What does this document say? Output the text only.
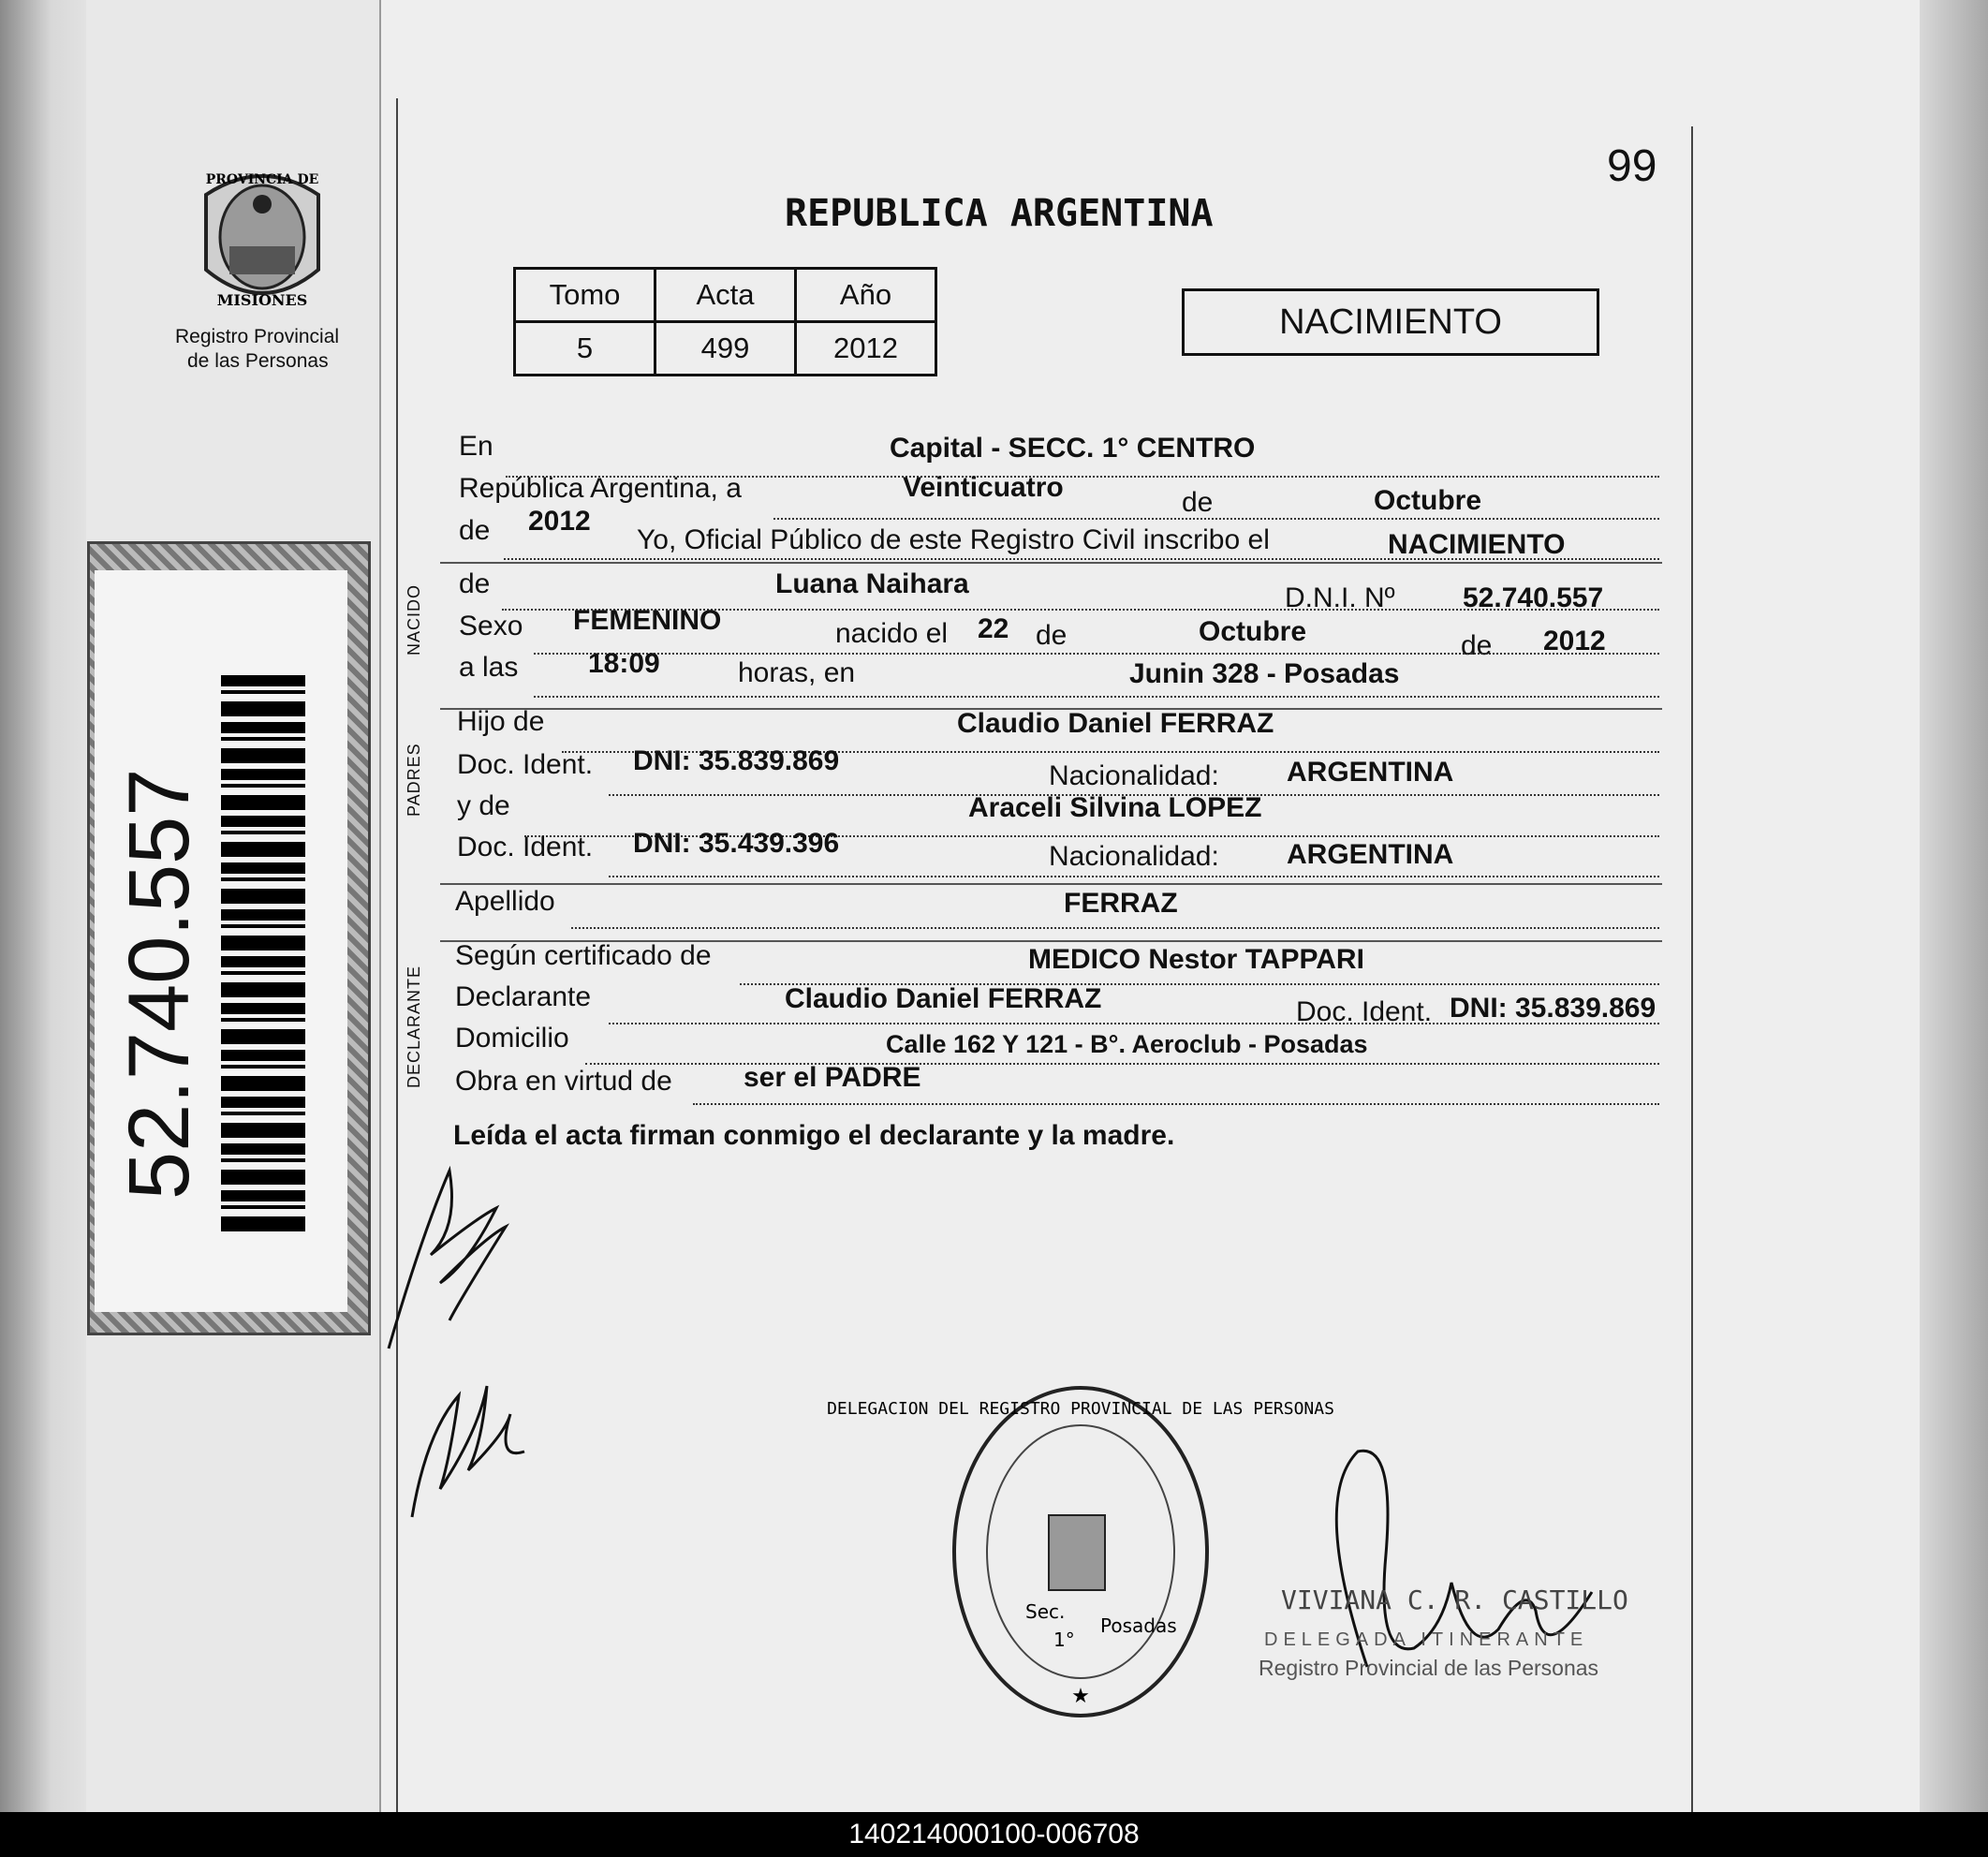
PROVINCIA DE
MISIONES
Registro Provincial
de las Personas
52.740.557
99
REPUBLICA ARGENTINA
Tomo	Acta	Año
5	499	2012
NACIMIENTO
NACIDO
PADRES
DECLARANTE
En	Capital - SECC. 1° CENTRO
República Argentina, a	Veinticuatro	de	Octubre
de 2012
Yo, Oficial Público de este Registro Civil inscribo el	NACIMIENTO
de	Luana Naihara	D.N.I. Nº 52.740.557
Sexo FEMENINO	nacido el 22 de	Octubre	de 2012
a las 18:09	horas, en	Junin 328 - Posadas
Hijo de	Claudio Daniel FERRAZ
Doc. Ident. DNI: 35.839.869	Nacionalidad: ARGENTINA
y de	Araceli Silvina LOPEZ
Doc. Ident. DNI: 35.439.396	Nacionalidad: ARGENTINA
Apellido	FERRAZ
Según certificado de	MEDICO Nestor TAPPARI
Declarante	Claudio Daniel FERRAZ	Doc. Ident. DNI: 35.839.869
Domicilio	Calle 162 Y 121 - B°. Aeroclub - Posadas
Obra en virtud de	ser el PADRE
Leída el acta firman conmigo el declarante y la madre.
DELEGACION DEL REGISTRO PROVINCIAL DE LAS PERSONAS
Sec.
1°
Posadas
★
VIVIANA C. R. CASTILLO
DELEGADA ITINERANTE
Registro Provincial de las Personas
140214000100-006708
